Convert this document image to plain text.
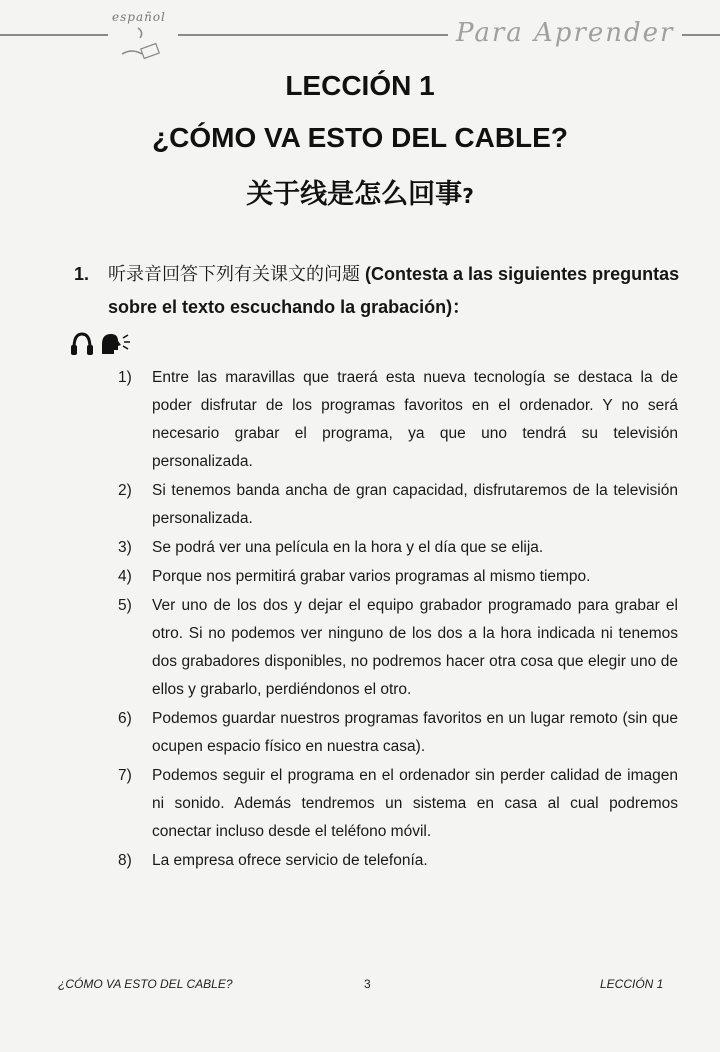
español
Para Aprender
LECCIÓN 1
¿CÓMO VA ESTO DEL CABLE?
关于线是怎么回事?
1. 听录音回答下列有关课文的问题 (Contesta a las siguientes preguntas sobre el texto escuchando la grabación)：
1) Entre las maravillas que traerá esta nueva tecnología se destaca la de poder disfrutar de los programas favoritos en el ordenador. Y no será necesario grabar el programa, ya que uno tendrá su televisión personalizada.
2) Si tenemos banda ancha de gran capacidad, disfrutaremos de la televisión personalizada.
3) Se podrá ver una película en la hora y el día que se elija.
4) Porque nos permitirá grabar varios programas al mismo tiempo.
5) Ver uno de los dos y dejar el equipo grabador programado para grabar el otro. Si no podemos ver ninguno de los dos a la hora indicada ni tenemos dos grabadores disponibles, no podremos hacer otra cosa que elegir uno de ellos y grabarlo, perdiéndonos el otro.
6) Podemos guardar nuestros programas favoritos en un lugar remoto (sin que ocupen espacio físico en nuestra casa).
7) Podemos seguir el programa en el ordenador sin perder calidad de imagen ni sonido. Además tendremos un sistema en casa al cual podremos conectar incluso desde el teléfono móvil.
8) La empresa ofrece servicio de telefonía.
¿CÓMO VA ESTO DEL CABLE?	3	LECCIÓN 1
